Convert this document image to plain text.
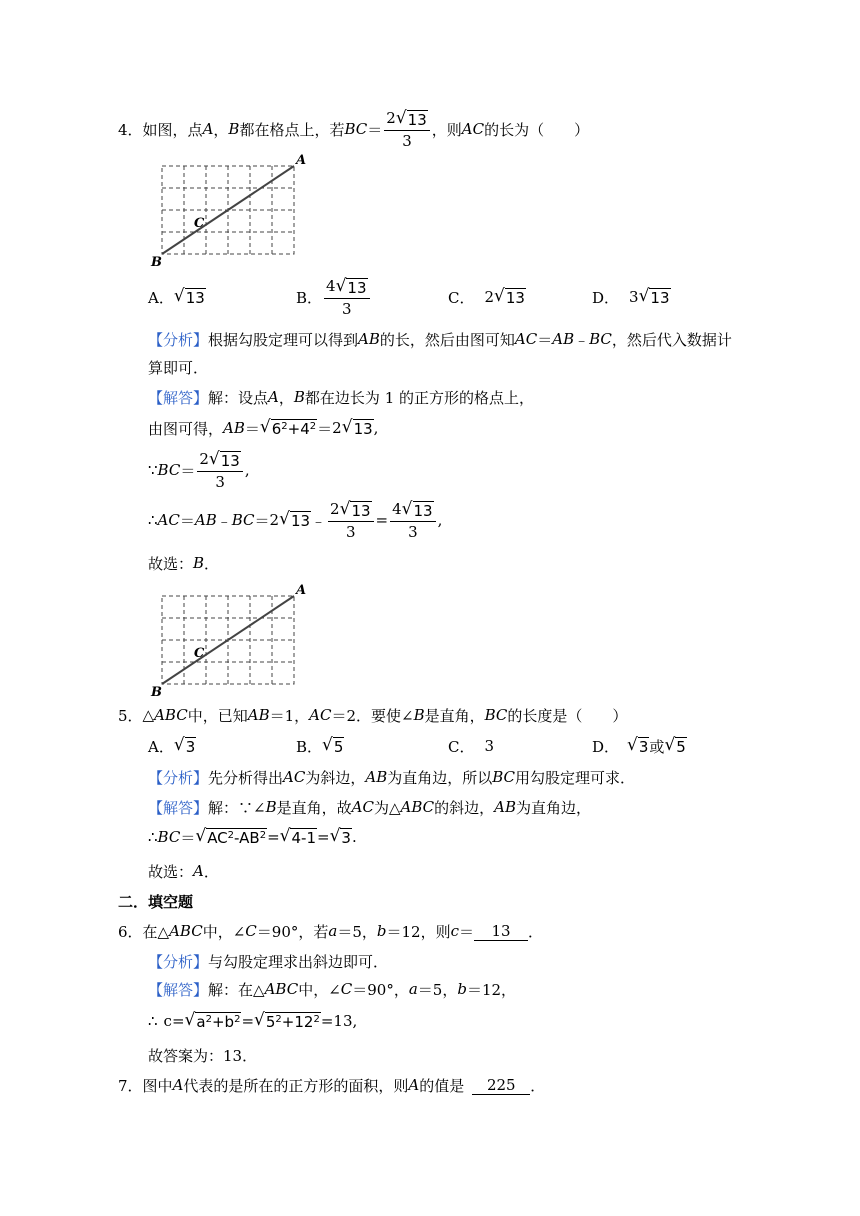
4． 如图，点 A ， B 都在格点上，若 BC ＝ $\frac{2 √ 13}{3}$ ，则 AC 的长为（　　）
A
B
C
A． √ 13	B． $\frac{4 √ 13}{3}$	C． 2 √ 13	D． 3 √ 13
【分析】 根据勾股定理可以得到 AB 的长，然后由图可知 AC ＝ AB ﹣ BC ，然后代入数据计
算即可．
【解答】 解：设点 A ， B 都在边长为 1 的正方形的格点上，
由图可得， AB ＝ √ $6^2+4^2 = 2$ √ 13 ,
∵ BC ＝ $\frac{2 √ 13}{3}$ ,
∴ AC ＝ AB ﹣ BC ＝ 2 √ 13 ﹣ $\frac{2 √ 13}{3} = \frac{4 √ 13}{3}$ ,
故选： B ．
A
B
C
5． △ ABC 中，已知 AB ＝1， AC ＝2．要使∠ B 是直角， BC 的长度是（　　）
A． √ 3	B． √ 5	C． 3	D． √ 3 或 √ 5
【分析】 先分析得出 AC 为斜边， AB 为直角边，所以 BC 用勾股定理可求．
【解答】 解：∵∠ B 是直角，故 AC 为△ ABC 的斜边， AB 为直角边，
∴ BC ＝ √ $AC^2-AB^2$ = √ 4-1 = √ 3 .
故选： A ．
二．填空题
6． 在△ ABC 中，∠ C ＝90°，若 a ＝5， b ＝12，则 c ＝	13	．
【分析】 与勾股定理求出斜边即可．
【解答】 解：在△ ABC 中，∠ C ＝90°， a ＝5， b ＝12，
∴ c = √ $a^2+b^2$ = √ $5^2+12^2 = 13$ ,
故答案为：13．
7． 图中 A 代表的是所在的正方形的面积，则 A 的值是	225 ．
